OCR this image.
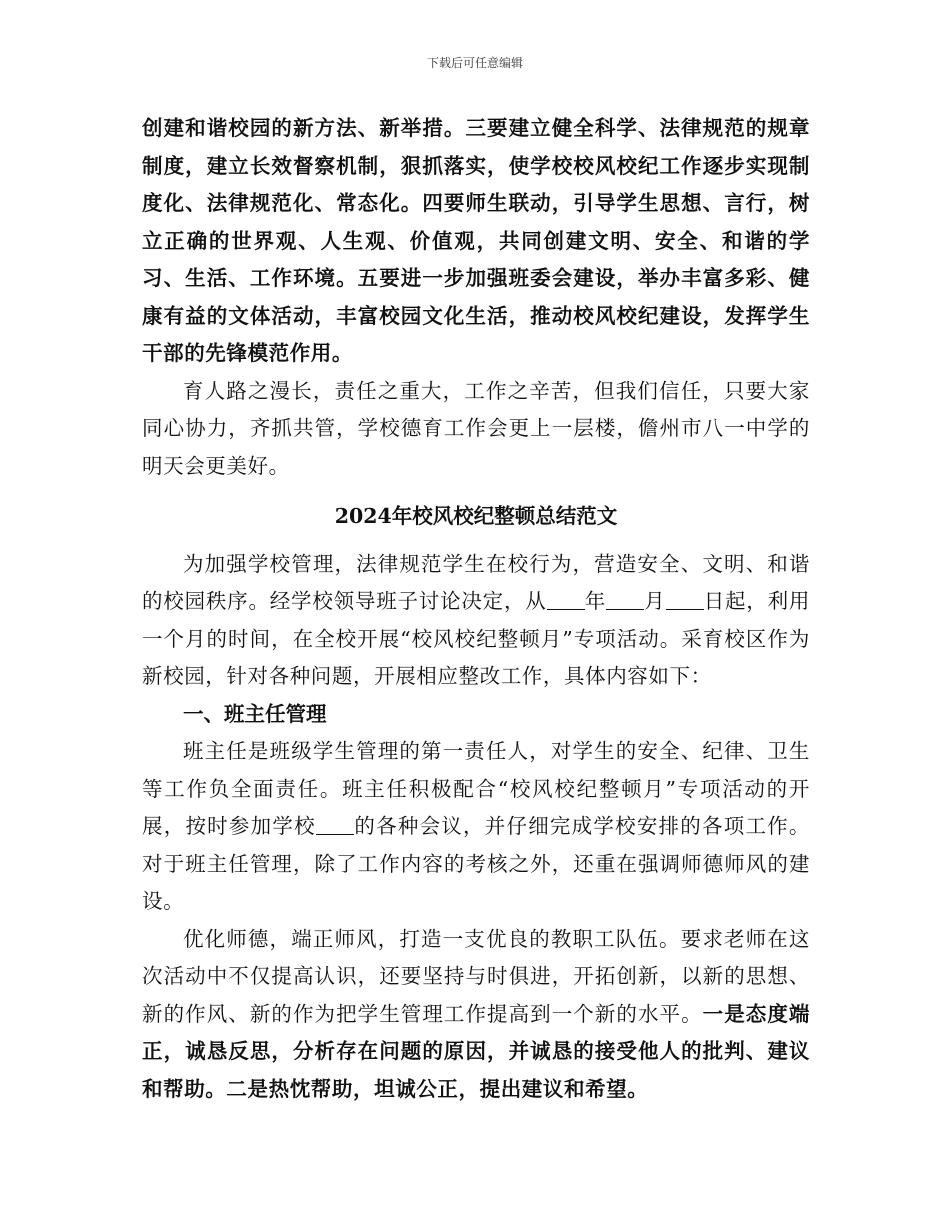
下载后可任意编辑

创建和谐校园的新方法、新举措。三要建立健全科学、法律规范的规章制度，建立长效督察机制，狠抓落实，使学校校风校纪工作逐步实现制度化、法律规范化、常态化。四要师生联动，引导学生思想、言行，树立正确的世界观、人生观、价值观，共同创建文明、安全、和谐的学习、生活、工作环境。五要进一步加强班委会建设，举办丰富多彩、健康有益的文体活动，丰富校园文化生活，推动校风校纪建设，发挥学生干部的先锋模范作用。

育人路之漫长，责任之重大，工作之辛苦，但我们信任，只要大家同心协力，齐抓共管，学校德育工作会更上一层楼，儋州市八一中学的明天会更美好。

2024年校风校纪整顿总结范文

为加强学校管理，法律规范学生在校行为，营造安全、文明、和谐的校园秩序。经学校领导班子讨论决定，从 年 月 日起，利用一个月的时间，在全校开展“校风校纪整顿月”专项活动。采育校区作为新校园，针对各种问题，开展相应整改工作，具体内容如下：

一、班主任管理

班主任是班级学生管理的第一责任人，对学生的安全、纪律、卫生等工作负全面责任。班主任积极配合“校风校纪整顿月”专项活动的开展，按时参加学校 的各种会议，并仔细完成学校安排的各项工作。对于班主任管理，除了工作内容的考核之外，还重在强调师德师风的建设。

优化师德，端正师风，打造一支优良的教职工队伍。要求老师在这次活动中不仅提高认识，还要坚持与时俱进，开拓创新，以新的思想、新的作风、新的作为把学生管理工作提高到一个新的水平。一是态度端正，诚恳反思，分析存在问题的原因，并诚恳的接受他人的批判、建议和帮助。二是热忱帮助，坦诚公正，提出建议和希望。
